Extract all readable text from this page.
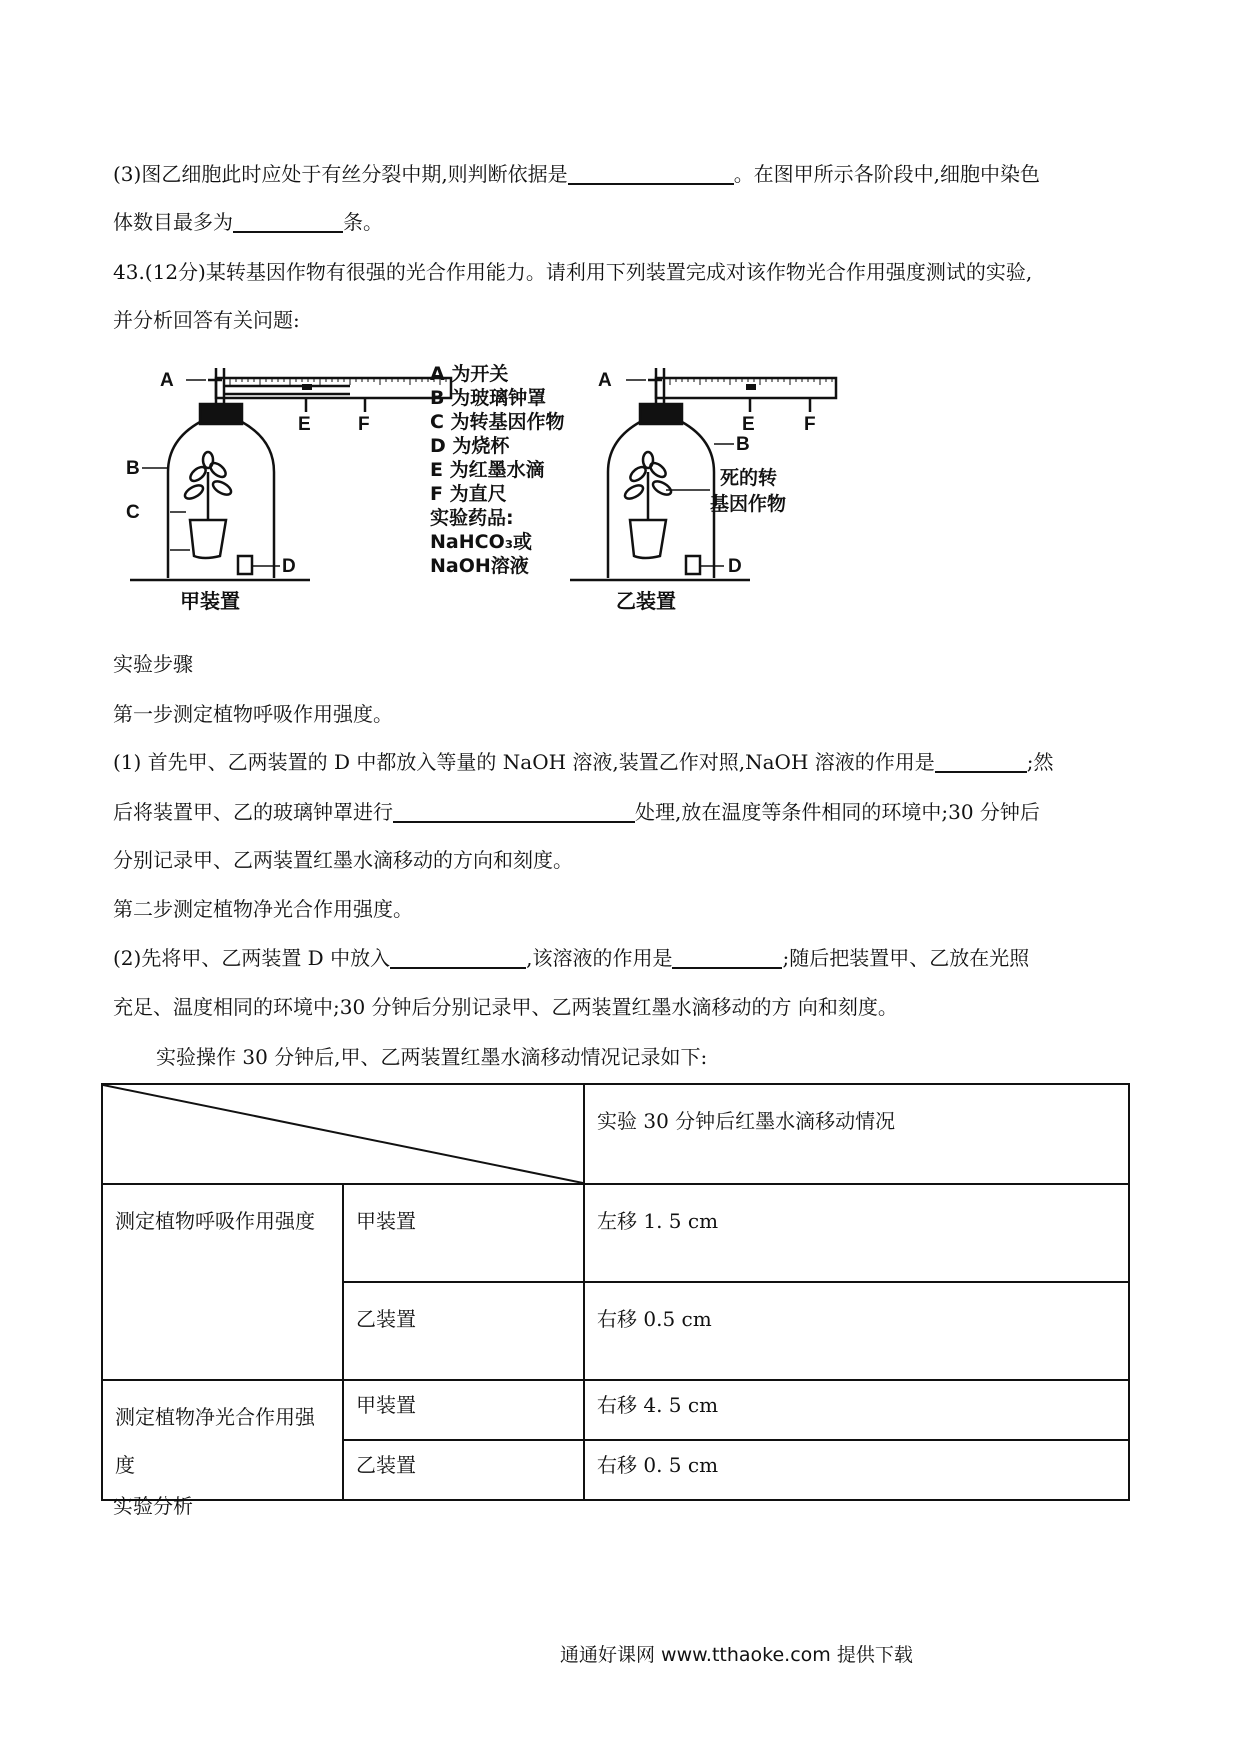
(3)图乙细胞此时应处于有丝分裂中期,则判断依据是	。在图甲所示各阶段中,细胞中染色
体数目最多为	条。
43.(12分)某转基因作物有很强的光合作用能力。请利用下列装置完成对该作物光合作用强度测试的实验,
并分析回答有关问题:
A
B
C
D
E F
甲装置
A 为开关
B 为玻璃钟罩
C 为转基因作物
D 为烧杯
E 为红墨水滴
F 为直尺
实验药品:
NaHCO₃或
NaOH溶液
A
B
D
E	F
死的转
基因作物
乙装置
实验步骤
第一步测定植物呼吸作用强度。
(1) 首先甲、乙两装置的 D 中都放入等量的 NaOH 溶液,装置乙作对照,NaOH 溶液的作用是	;然
后将装置甲、乙的玻璃钟罩进行	处理,放在温度等条件相同的环境中;30 分钟后
分别记录甲、乙两装置红墨水滴移动的方向和刻度。
第二步测定植物净光合作用强度。
(2)先将甲、乙两装置 D 中放入	,该溶液的作用是	;随后把装置甲、乙放在光照
充足、温度相同的环境中;30 分钟后分别记录甲、乙两装置红墨水滴移动的方 向和刻度。
实验操作 30 分钟后,甲、乙两装置红墨水滴移动情况记录如下:
	实验 30 分钟后红墨水滴移动情况
测定植物呼吸作用强度	甲装置	左移 1. 5 cm
	乙装置	右移 0.5 cm
测定植物净光合作用强度	甲装置	右移 4. 5 cm
	乙装置	右移 0. 5 cm
实验分析
通通好课网 www.tthaoke.com 提供下载
